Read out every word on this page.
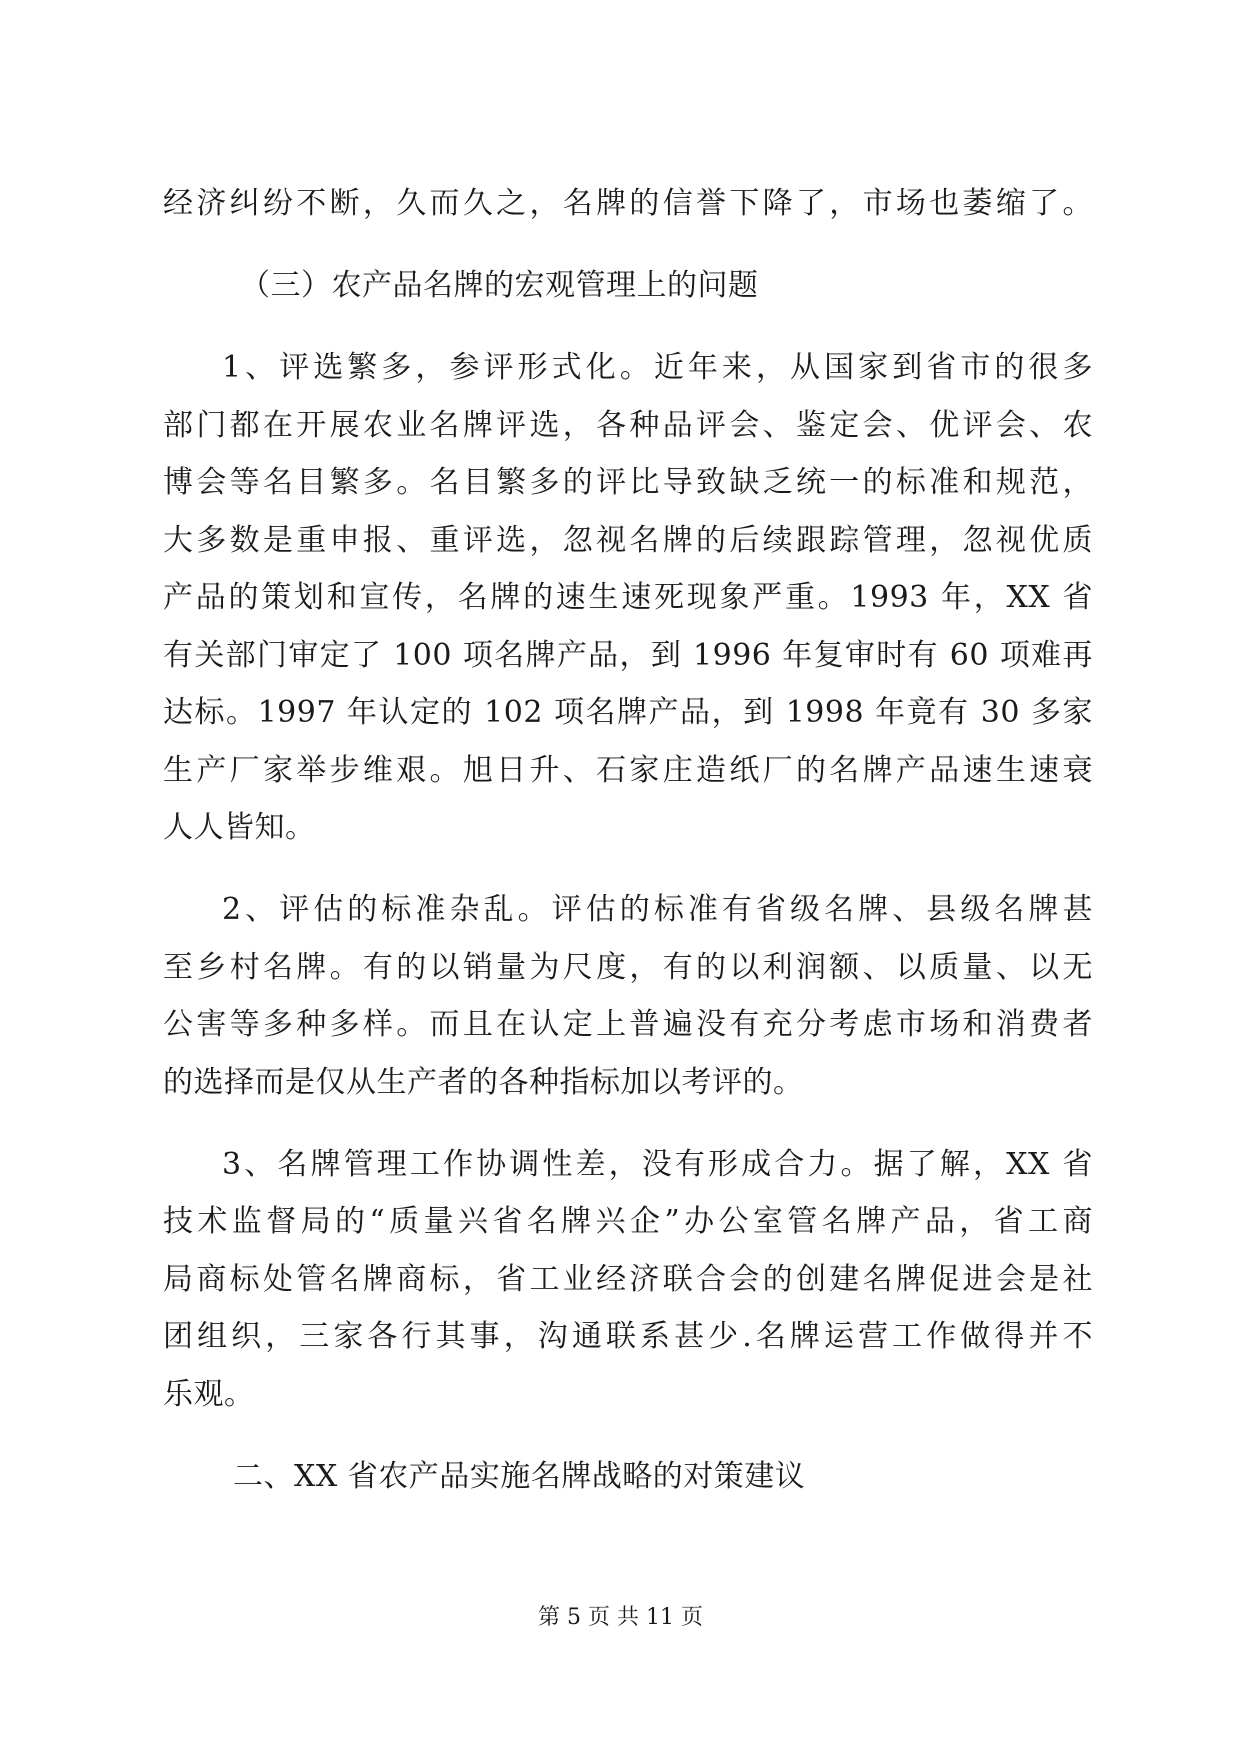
经济纠纷不断，久而久之，名牌的信誉下降了，市场也萎缩了。
（三）农产品名牌的宏观管理上的问题
1、评选繁多，参评形式化。近年来，从国家到省市的很多
部门都在开展农业名牌评选，各种品评会、鉴定会、优评会、农
博会等名目繁多。名目繁多的评比导致缺乏统一的标准和规范，
大多数是重申报、重评选，忽视名牌的后续跟踪管理，忽视优质
产品的策划和宣传，名牌的速生速死现象严重。1993 年，XX 省
有关部门审定了 100 项名牌产品，到 1996 年复审时有 60 项难再
达标。1997 年认定的 102 项名牌产品，到 1998 年竟有 30 多家
生产厂家举步维艰。旭日升、石家庄造纸厂的名牌产品速生速衰
人人皆知。
2、评估的标准杂乱。评估的标准有省级名牌、县级名牌甚
至乡村名牌。有的以销量为尺度，有的以利润额、以质量、以无
公害等多种多样。而且在认定上普遍没有充分考虑市场和消费者
的选择而是仅从生产者的各种指标加以考评的。
3、名牌管理工作协调性差，没有形成合力。据了解，XX 省
技术监督局的“质量兴省名牌兴企”办公室管名牌产品，省工商
局商标处管名牌商标，省工业经济联合会的创建名牌促进会是社
团组织，三家各行其事，沟通联系甚少.名牌运营工作做得并不
乐观。
二、XX 省农产品实施名牌战略的对策建议
第 5 页 共 11 页
